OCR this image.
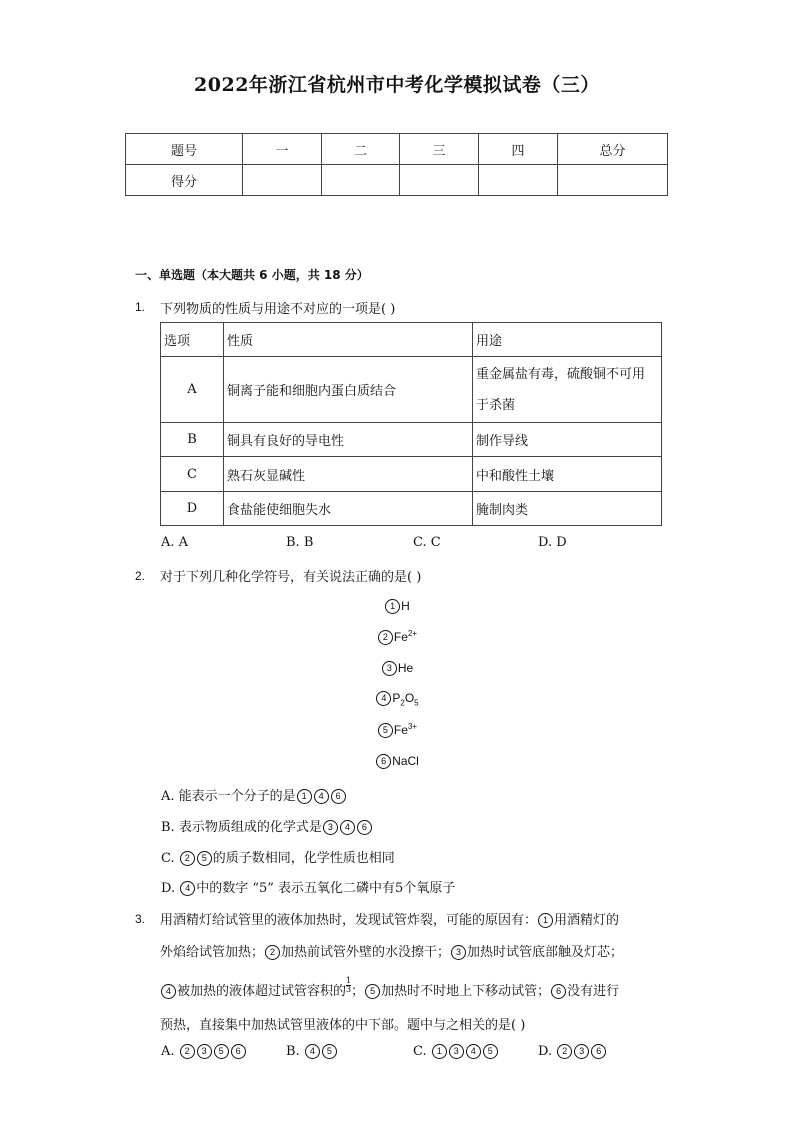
2022年浙江省杭州市中考化学模拟试卷（三）
题号	一	二	三	四	总分
得分					
一、单选题（本大题共 6 小题，共 18 分）
1. 下列物质的性质与用途不对应的一项是( )
选项	性质	用途
A	铜离子能和细胞内蛋白质结合	重金属盐有毒，硫酸铜不可用
于杀菌
B	铜具有良好的导电性	制作导线
C	熟石灰显碱性	中和酸性土壤
D	食盐能使细胞失水	腌制肉类
A. A	B. B	C. C	D. D
2. 对于下列几种化学符号，有关说法正确的是( )
1 H
2 $Fe^{2+}$
3 He
4 $P_2O_5$
5 $Fe^{3+}$
6 NaCl
A. 能表示一个分子的是 1 4 6
B. 表示物质组成的化学式是 3 4 6
C. 2 5 的质子数相同，化学性质也相同
D. 4 中的数字 “5” 表示五氧化二磷中有5个氧原子
3. 用酒精灯给试管里的液体加热时，发现试管炸裂，可能的原因有： 1 用酒精灯的
外焰给试管加热； 2 加热前试管外壁的水没擦干； 3 加热时试管底部触及灯芯；
4 被加热的液体超过试管容积的 $\frac{1}{3}$ ； 5 加热时不时地上下移动试管； 6 没有进行
预热，直接集中加热试管里液体的中下部。题中与之相关的是( )
A. 2 3 5 6	B. 4 5	C. 1 3 4 5	D. 2 3 6
